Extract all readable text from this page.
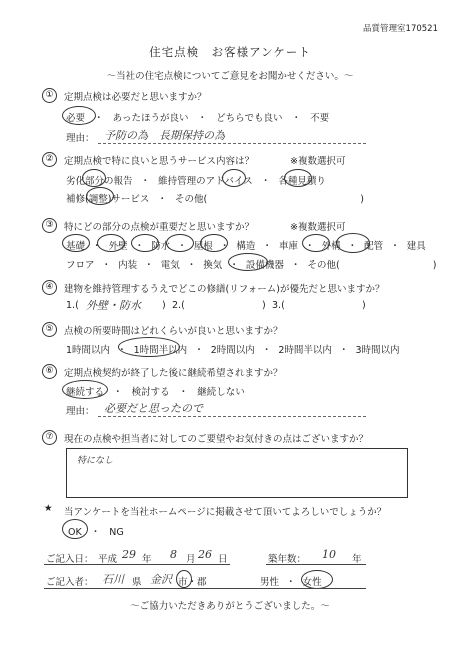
品質管理室170521
住宅点検　お客様アンケート
～当社の住宅点検についてご意見をお聞かせください。～
①	定期点検は必要だと思いますか？
必要 ・ あったほうが良い ・ どちらでも良い ・ 不要
理由： 予防の為　長期保持の為
②	定期点検で特に良いと思うサービス内容は？	※複数選択可
劣化部分の報告 ・ 維持管理のアドバイス ・ 各種見積り
補修(調整)サービス ・ その他(	)
③	特にどの部分の点検が重要だと思いますか？	※複数選択可
基礎 ・ 外壁 ・ 防水 ・ 屋根 ・ 構造 ・ 車庫 ・ 外構 ・ 配管 ・ 建具
フロア ・ 内装 ・ 電気 ・ 換気 ・ 設備機器 ・ その他(	)
④	建物を維持管理するうえでどこの修繕(リフォーム)が優先だと思いますか？
1.( 外壁・防水 ) 2.(	) 3.(	)
⑤	点検の所要時間はどれくらいが良いと思いますか？
1時間以内 ・ 1時間半以内 ・ 2時間以内 ・ 2時間半以内 ・ 3時間以内
⑥	定期点検契約が終了した後に継続希望されますか？
継続する ・ 検討する ・ 継続しない
理由： 必要だと思ったので
⑦	現在の点検や担当者に対してのご要望やお気付きの点はございますか？
特になし
★ 当アンケートを当社ホームページに掲載させて頂いてよろしいでしょうか？
OK ・ NG
ご記入日： 平成 29 年 8 月 26 日	築年数： 10 年
ご記入者： 石川 県 金沢 市・郡	男性 ・ 女性
～ご協力いただきありがとうございました。～
